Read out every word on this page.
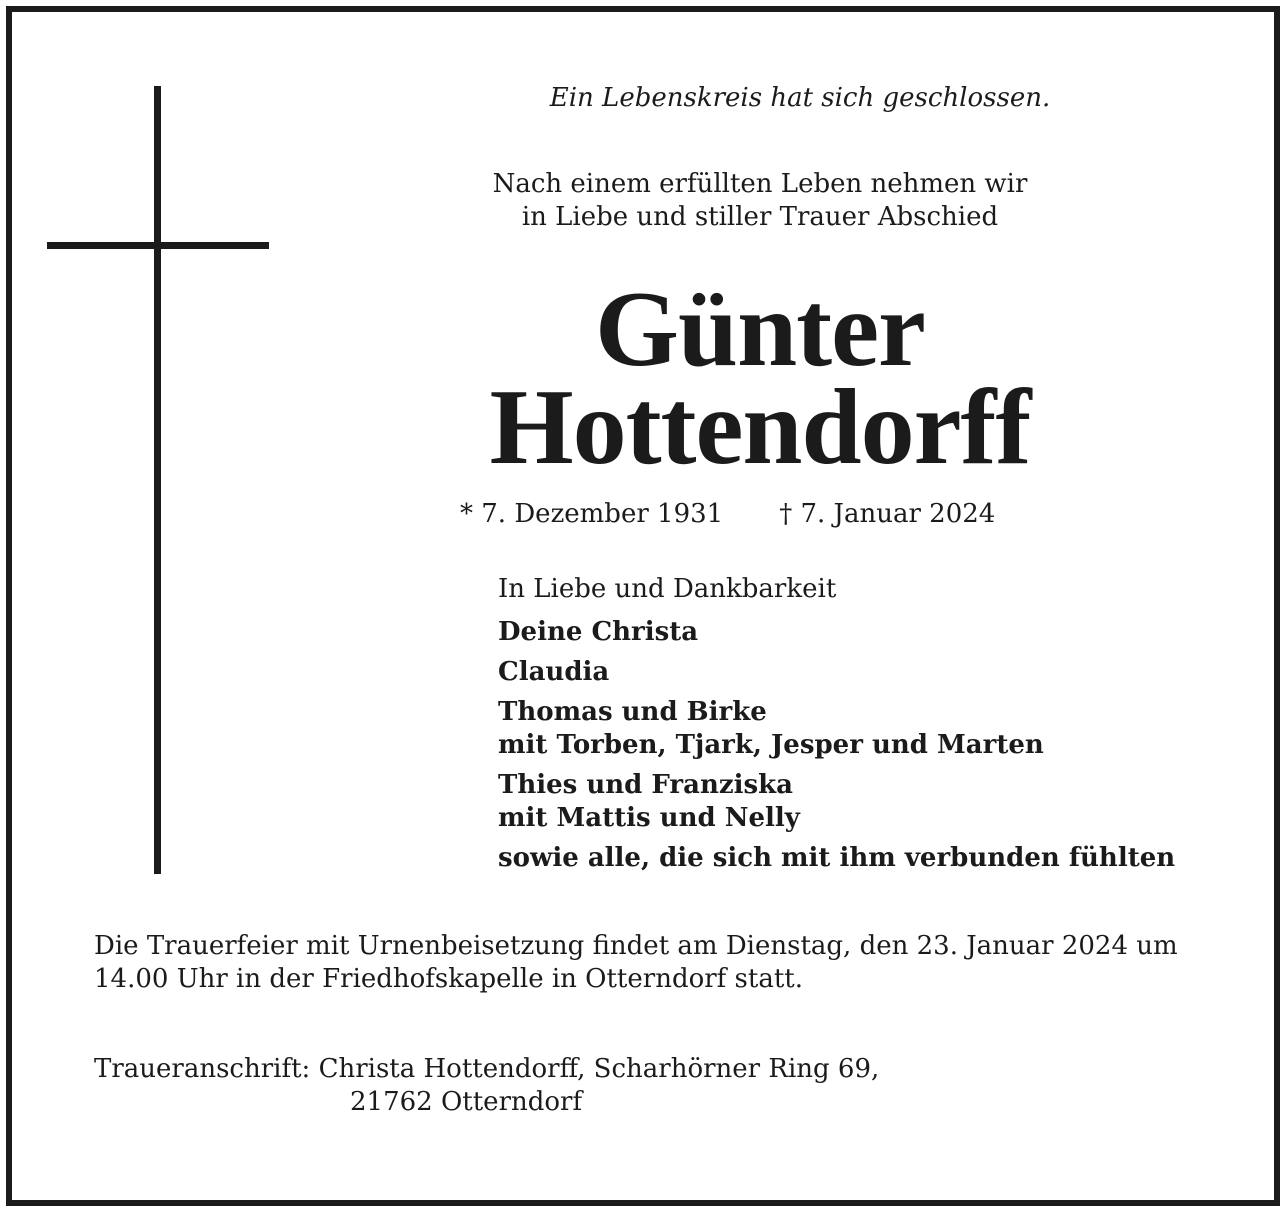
Ein Lebenskreis hat sich geschlossen.
Nach einem erfüllten Leben nehmen wir
in Liebe und stiller Trauer Abschied
Günter
Hottendorff
* 7. Dezember 1931 † 7. Januar 2024
In Liebe und Dankbarkeit
Deine Christa
Claudia
Thomas und Birke
mit Torben, Tjark, Jesper und Marten
Thies und Franziska
mit Mattis und Nelly
sowie alle, die sich mit ihm verbunden fühlten
Die Trauerfeier mit Urnenbeisetzung findet am Dienstag, den 23. Januar 2024 um
14.00 Uhr in der Friedhofskapelle in Otterndorf statt.
Traueranschrift: Christa Hottendorff, Scharhörner Ring 69,
21762 Otterndorf
